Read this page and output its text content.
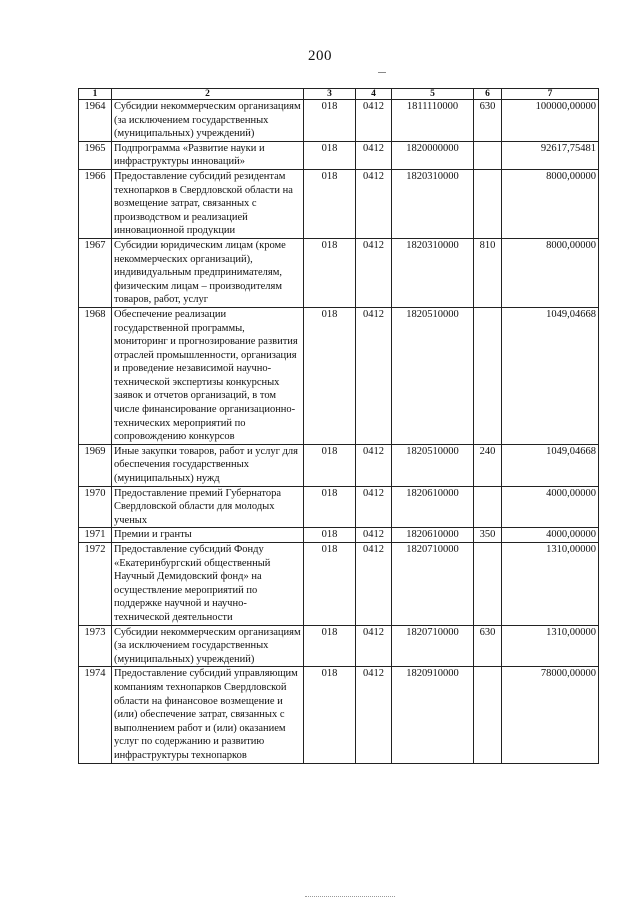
200
1	2	3	4	5	6	7
1964	Субсидии некоммерческим организациям (за исключением государственных (муниципальных) учреждений)	018	0412	1811110000	630	100000,00000
1965	Подпрограмма «Развитие науки и инфраструктуры инноваций»	018	0412	1820000000		92617,75481
1966	Предоставление субсидий резидентам технопарков в Свердловской области на возмещение затрат, связанных с производством и реализацией инновационной продукции	018	0412	1820310000		8000,00000
1967	Субсидии юридическим лицам (кроме некоммерческих организаций), индивидуальным предпринимателям, физическим лицам – производителям товаров, работ, услуг	018	0412	1820310000	810	8000,00000
1968	Обеспечение реализации государственной программы, мониторинг и прогнозирование развития отраслей промышленности, организация и проведение независимой научно-технической экспертизы конкурсных заявок и отчетов организаций, в том числе финансирование организационно-технических мероприятий по сопровождению конкурсов	018	0412	1820510000		1049,04668
1969	Иные закупки товаров, работ и услуг для обеспечения государственных (муниципальных) нужд	018	0412	1820510000	240	1049,04668
1970	Предоставление премий Губернатора Свердловской области для молодых ученых	018	0412	1820610000		4000,00000
1971	Премии и гранты	018	0412	1820610000	350	4000,00000
1972	Предоставление субсидий Фонду «Екатеринбургский общественный Научный Демидовский фонд» на осуществление мероприятий по поддержке научной и научно-технической деятельности	018	0412	1820710000		1310,00000
1973	Субсидии некоммерческим организациям (за исключением государственных (муниципальных) учреждений)	018	0412	1820710000	630	1310,00000
1974	Предоставление субсидий управляющим компаниям технопарков Свердловской области на финансовое возмещение и (или) обеспечение затрат, связанных с выполнением работ и (или) оказанием услуг по содержанию и развитию инфраструктуры технопарков	018	0412	1820910000		78000,00000
